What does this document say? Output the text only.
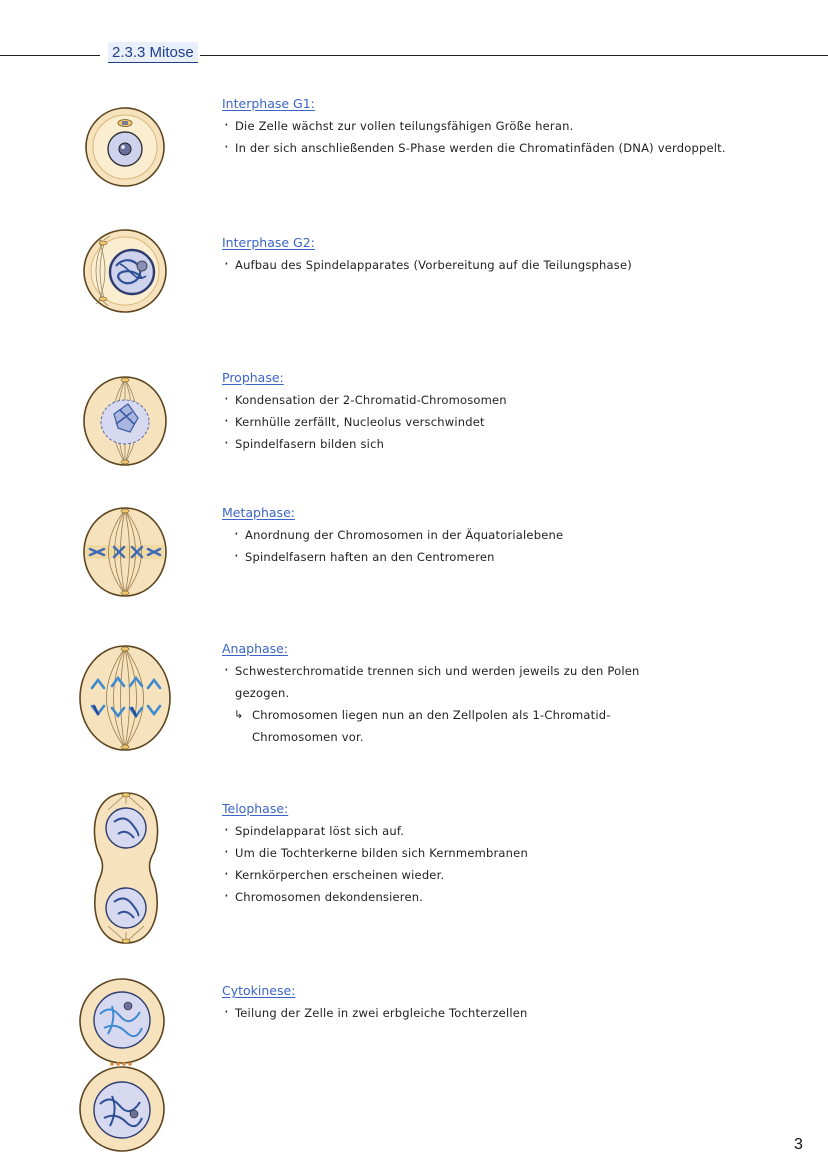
2.3.3 Mitose
Interphase G1:
· Die Zelle wächst zur vollen teilungsfähigen Größe heran.
· In der sich anschließenden S-Phase werden die Chromatinfäden (DNA) verdoppelt.
Interphase G2:
· Aufbau des Spindelapparates (Vorbereitung auf die Teilungsphase)
Prophase:
· Kondensation der 2-Chromatid-Chromosomen
· Kernhülle zerfällt, Nucleolus verschwindet
· Spindelfasern bilden sich
Metaphase:
· Anordnung der Chromosomen in der Äquatorialebene
· Spindelfasern haften an den Centromeren
Anaphase:
· Schwesterchromatide trennen sich und werden jeweils zu den Polen gezogen.
↳ Chromosomen liegen nun an den Zellpolen als 1-Chromatid-Chromosomen vor.
Telophase:
· Spindelapparat löst sich auf.
· Um die Tochterkerne bilden sich Kernmembranen
· Kernkörperchen erscheinen wieder.
· Chromosomen dekondensieren.
Cytokinese:
· Teilung der Zelle in zwei erbgleiche Tochterzellen
3
